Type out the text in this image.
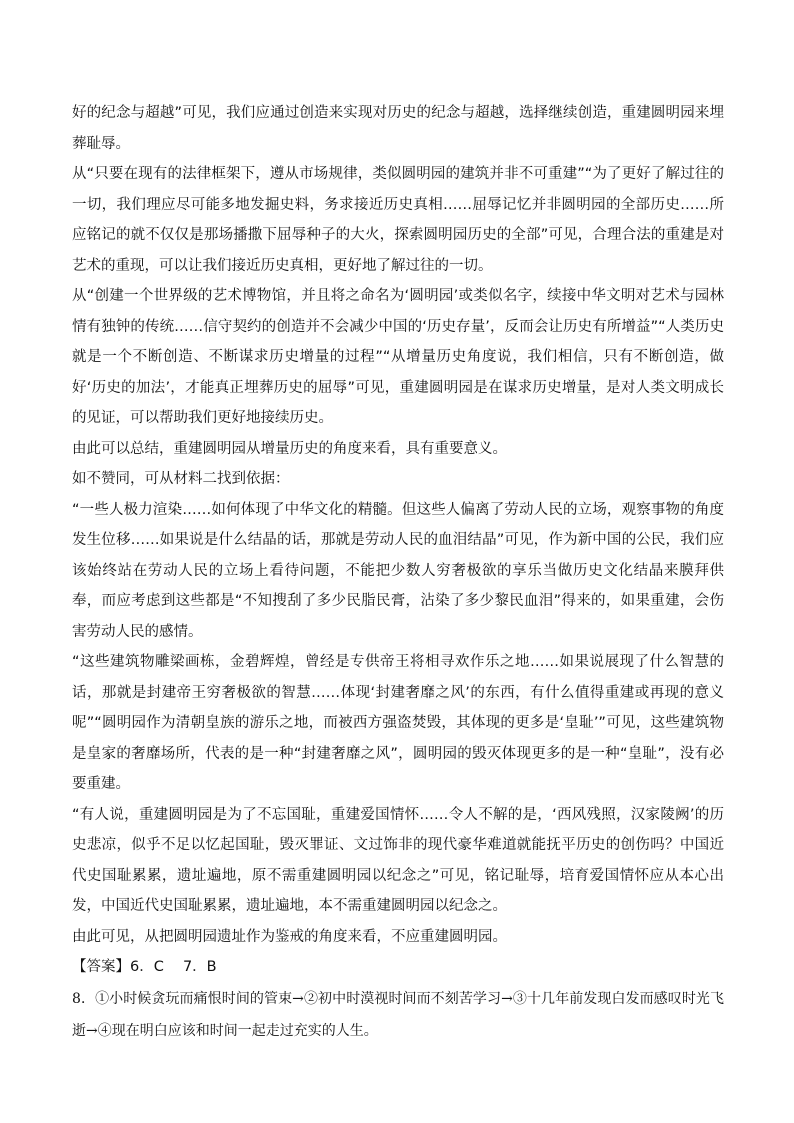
好的纪念与超越”可见，我们应通过创造来实现对历史的纪念与超越，选择继续创造，重建圆明园来埋葬耻辱。

从“只要在现有的法律框架下，遵从市场规律，类似圆明园的建筑并非不可重建”“为了更好了解过往的一切，我们理应尽可能多地发掘史料，务求接近历史真相……屈辱记忆并非圆明园的全部历史……所应铭记的就不仅仅是那场播撒下屈辱种子的大火，探索圆明园历史的全部”可见，合理合法的重建是对艺术的重现，可以让我们接近历史真相，更好地了解过往的一切。

从“创建一个世界级的艺术博物馆，并且将之命名为‘圆明园’或类似名字，续接中华文明对艺术与园林情有独钟的传统……信守契约的创造并不会减少中国的‘历史存量’，反而会让历史有所增益”“人类历史就是一个不断创造、不断谋求历史增量的过程”“从增量历史角度说，我们相信，只有不断创造，做好‘历史的加法’，才能真正埋葬历史的屈辱”可见，重建圆明园是在谋求历史增量，是对人类文明成长的见证，可以帮助我们更好地接续历史。

由此可以总结，重建圆明园从增量历史的角度来看，具有重要意义。

如不赞同，可从材料二找到依据：

“一些人极力渲染……如何体现了中华文化的精髓。但这些人偏离了劳动人民的立场，观察事物的角度发生位移……如果说是什么结晶的话，那就是劳动人民的血泪结晶”可见，作为新中国的公民，我们应该始终站在劳动人民的立场上看待问题，不能把少数人穷奢极欲的享乐当做历史文化结晶来膜拜供奉，而应考虑到这些都是“不知搜刮了多少民脂民膏，沾染了多少黎民血泪”得来的，如果重建，会伤害劳动人民的感情。

“这些建筑物雕梁画栋，金碧辉煌，曾经是专供帝王将相寻欢作乐之地……如果说展现了什么智慧的话，那就是封建帝王穷奢极欲的智慧……体现‘封建奢靡之风’的东西，有什么值得重建或再现的意义呢”“圆明园作为清朝皇族的游乐之地，而被西方强盗焚毁，其体现的更多是‘皇耻’”可见，这些建筑物是皇家的奢靡场所，代表的是一种“封建奢靡之风”，圆明园的毁灭体现更多的是一种“皇耻”，没有必要重建。

“有人说，重建圆明园是为了不忘国耻，重建爱国情怀……令人不解的是，‘西风残照，汉家陵阙’的历史悲凉，似乎不足以忆起国耻，毁灭罪证、文过饰非的现代豪华难道就能抚平历史的创伤吗？中国近代史国耻累累，遗址遍地，原不需重建圆明园以纪念之”可见，铭记耻辱，培育爱国情怀应从本心出发，中国近代史国耻累累，遗址遍地，本不需重建圆明园以纪念之。

由此可见，从把圆明园遗址作为鉴戒的角度来看，不应重建圆明园。

【答案】6．C　 7．B

8．①小时候贪玩而痛恨时间的管束→②初中时漠视时间而不刻苦学习→③十几年前发现白发而感叹时光飞逝→④现在明白应该和时间一起走过充实的人生。
